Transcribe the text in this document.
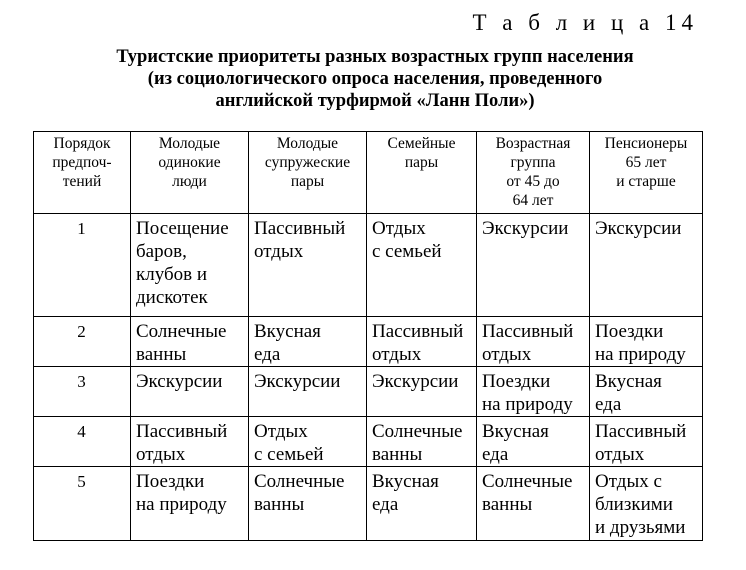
Т а б л и ц а 14
Туристские приоритеты разных возрастных групп населения
(из социологического опроса населения, проведенного
английской турфирмой «Ланн Поли»)
Порядок
предпоч-
тений	Молодые
одинокие
люди	Молодые
супружеские
пары	Семейные
пары	Возрастная
группа
от 45 до
64 лет	Пенсионеры
65 лет
и старше

1	Посещение
баров,
клубов и
дискотек	Пассивный
отдых	Отдых
с семьей	Экскурсии	Экскурсии

2	Солнечные
ванны	Вкусная
еда	Пассивный
отдых	Пассивный
отдых	Поездки
на природу

3	Экскурсии	Экскурсии	Экскурсии	Поездки
на природу	Вкусная
еда

4	Пассивный
отдых	Отдых
с семьей	Солнечные
ванны	Вкусная
еда	Пассивный
отдых

5	Поездки
на природу	Солнечные
ванны	Вкусная
еда	Солнечные
ванны	Отдых с
близкими
и друзьями
